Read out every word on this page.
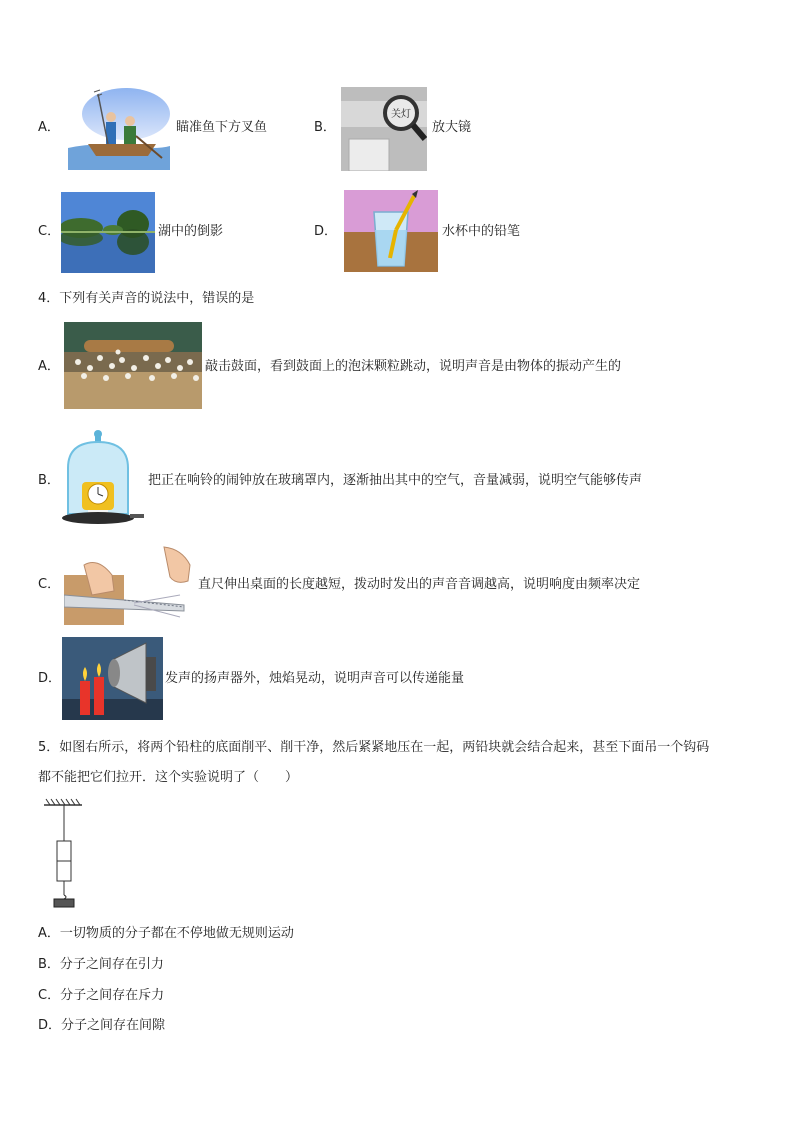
A．	瞄准鱼下方叉鱼	B．
关灯
放大镜
C．	湖中的倒影	D．	水杯中的铅笔
4．下列有关声音的说法中，错误的是
A．	敲击鼓面，看到鼓面上的泡沫颗粒跳动，说明声音是由物体的振动产生的
B．	把正在响铃的闹钟放在玻璃罩内，逐渐抽出其中的空气，音量减弱，说明空气能够传声
C．	直尺伸出桌面的长度越短，拨动时发出的声音音调越高，说明响度由频率决定
D．	发声的扬声器外，烛焰晃动，说明声音可以传递能量
5．如图右所示，将两个铅柱的底面削平、削干净，然后紧紧地压在一起，两铅块就会结合起来，甚至下面吊一个钩码
都不能把它们拉开．这个实验说明了（　　）
A．一切物质的分子都在不停地做无规则运动
B．分子之间存在引力
C．分子之间存在斥力
D．分子之间存在间隙
